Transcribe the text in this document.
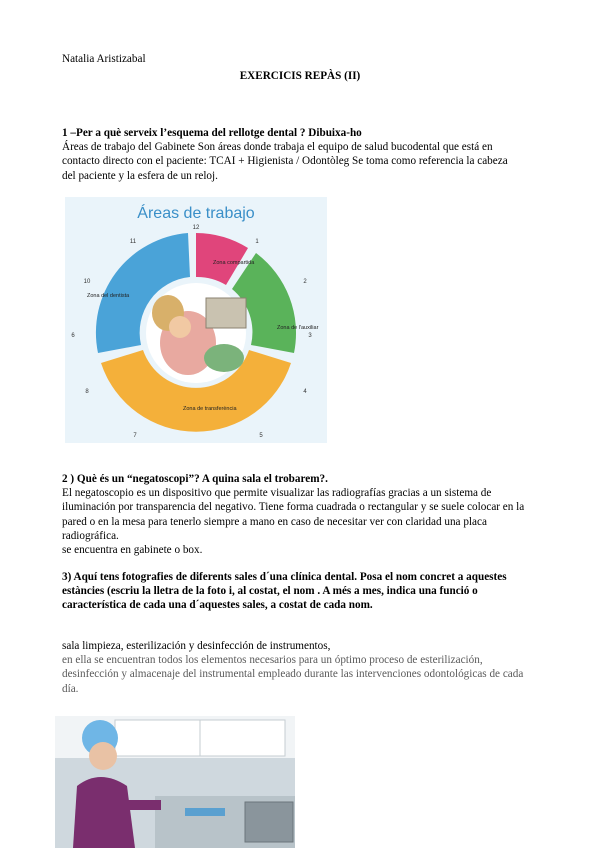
Natalia Aristizabal
EXERCICIS REPÀS (II)
1 –Per a què serveix l’esquema del rellotge dental ? Dibuixa-ho
Áreas de trabajo del Gabinete Son áreas donde trabaja el equipo de salud bucodental que está en contacto directo con el paciente: TCAI + Higienista / Odontòleg Se toma como referencia la cabeza del paciente y la esfera de un reloj.
Áreas de trabajo
Zona compartida
Zona de l'auxiliar
Zona de transferència
Zona del dentista
12
1
2
3
4
5
6
7
8
10
11
2 ) Què és un “negatoscopi”? A quina sala el trobarem?.
El negatoscopio es un dispositivo que permite visualizar las radiografías gracias a un sistema de iluminación por transparencia del negativo. Tiene forma cuadrada o rectangular y se suele colocar en la pared o en la mesa para tenerlo siempre a mano en caso de necesitar ver con claridad una placa radiográfica.
se encuentra en gabinete o box.
3) Aquí tens fotografies de diferents sales d´una clínica dental. Posa el nom concret a aquestes estàncies (escriu la lletra de la foto i, al costat, el nom . A més a mes, indica una funció o característica de cada una d´aquestes sales, a costat de cada nom.
sala limpieza, esterilización y desinfección de instrumentos,
en ella se encuentran todos los elementos necesarios para un óptimo proceso de esterilización, desinfección y almacenaje del instrumental empleado durante las intervenciones odontológicas de cada día.
